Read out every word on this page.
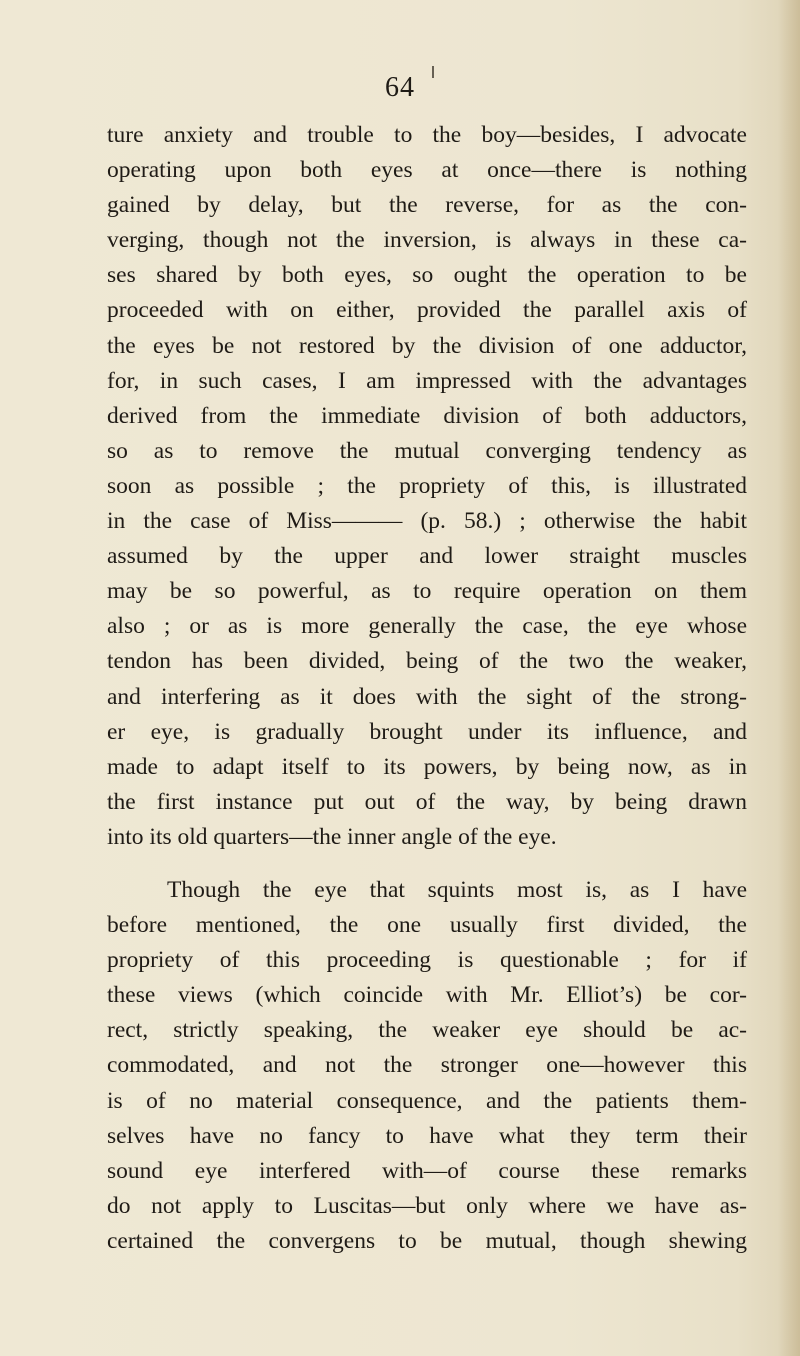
64
ture anxiety and trouble to the boy—besides, I advocate
operating upon both eyes at once—there is nothing
gained by delay, but the reverse, for as the con-
verging, though not the inversion, is always in these ca-
ses shared by both eyes, so ought the operation to be
proceeded with on either, provided the parallel axis of
the eyes be not restored by the division of one adductor,
for, in such cases, I am impressed with the advantages
derived from the immediate division of both adductors,
so as to remove the mutual converging tendency as
soon as possible ; the propriety of this, is illustrated
in the case of Miss——— (p. 58.) ; otherwise the habit
assumed by the upper and lower straight muscles
may be so powerful, as to require operation on them
also ; or as is more generally the case, the eye whose
tendon has been divided, being of the two the weaker,
and interfering as it does with the sight of the strong-
er eye, is gradually brought under its influence, and
made to adapt itself to its powers, by being now, as in
the first instance put out of the way, by being drawn
into its old quarters—the inner angle of the eye.
Though the eye that squints most is, as I have
before mentioned, the one usually first divided, the
propriety of this proceeding is questionable ; for if
these views (which coincide with Mr. Elliot’s) be cor-
rect, strictly speaking, the weaker eye should be ac-
commodated, and not the stronger one—however this
is of no material consequence, and the patients them-
selves have no fancy to have what they term their
sound eye interfered with—of course these remarks
do not apply to Luscitas—but only where we have as-
certained the convergens to be mutual, though shewing
